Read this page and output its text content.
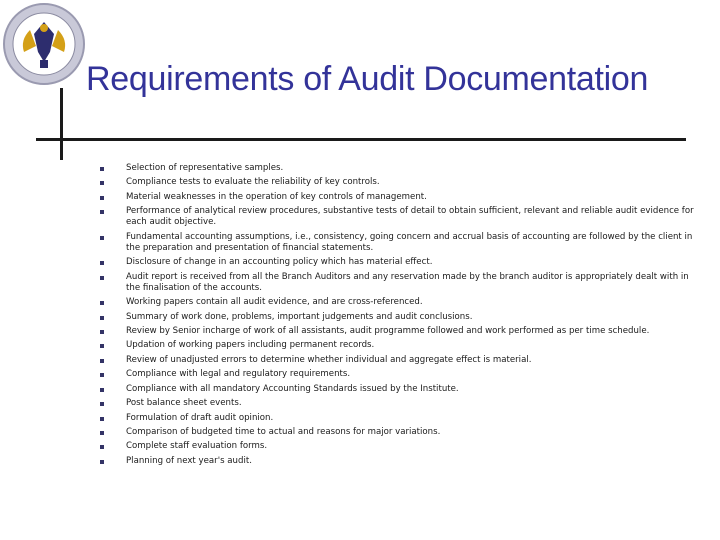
Requirements of Audit Documentation
Selection of representative samples.
Compliance tests to evaluate the reliability of key controls.
Material weaknesses in the operation of key controls of management.
Performance of analytical review procedures, substantive tests of detail to obtain sufficient, relevant and reliable audit evidence for each audit objective.
Fundamental accounting assumptions, i.e., consistency, going concern and accrual basis of accounting are followed by the client in the preparation and presentation of financial statements.
Disclosure of change in an accounting policy which has material effect.
Audit report is received from all the Branch Auditors and any reservation made by the branch auditor is appropriately dealt with in the finalisation of the accounts.
Working papers contain all audit evidence, and are cross-referenced.
Summary of work done, problems, important judgements and audit conclusions.
Review by Senior incharge of work of all assistants, audit programme followed and work performed as per time schedule.
Updation of working papers including permanent records.
Review of unadjusted errors to determine whether individual and aggregate effect is material.
Compliance with legal and regulatory requirements.
Compliance with all mandatory Accounting Standards issued by the Institute.
Post balance sheet events.
Formulation of draft audit opinion.
Comparison of budgeted time to actual and reasons for major variations.
Complete staff evaluation forms.
Planning of next year's audit.
